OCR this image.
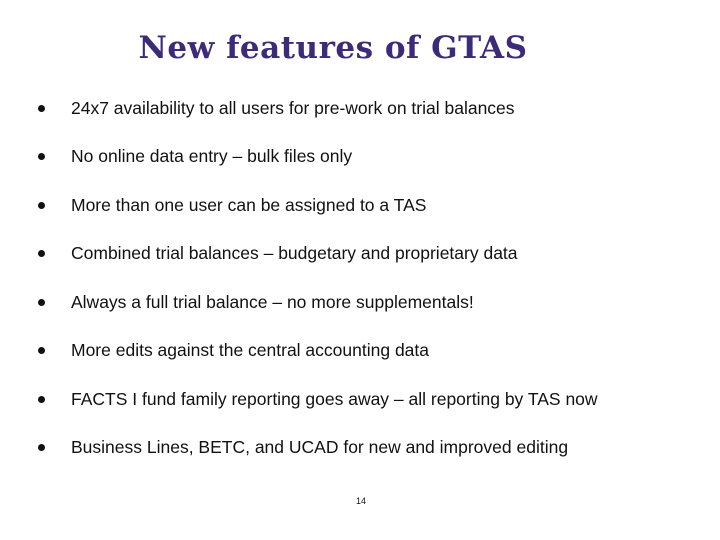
New features of GTAS
24x7 availability to all users for pre-work on trial balances
No online data entry – bulk files only
More than one user can be assigned to a TAS
Combined trial balances – budgetary and proprietary data
Always a full trial balance – no more supplementals!
More edits against the central accounting data
FACTS I fund family reporting goes away – all reporting by TAS now
Business Lines, BETC, and UCAD for new and improved editing
14
